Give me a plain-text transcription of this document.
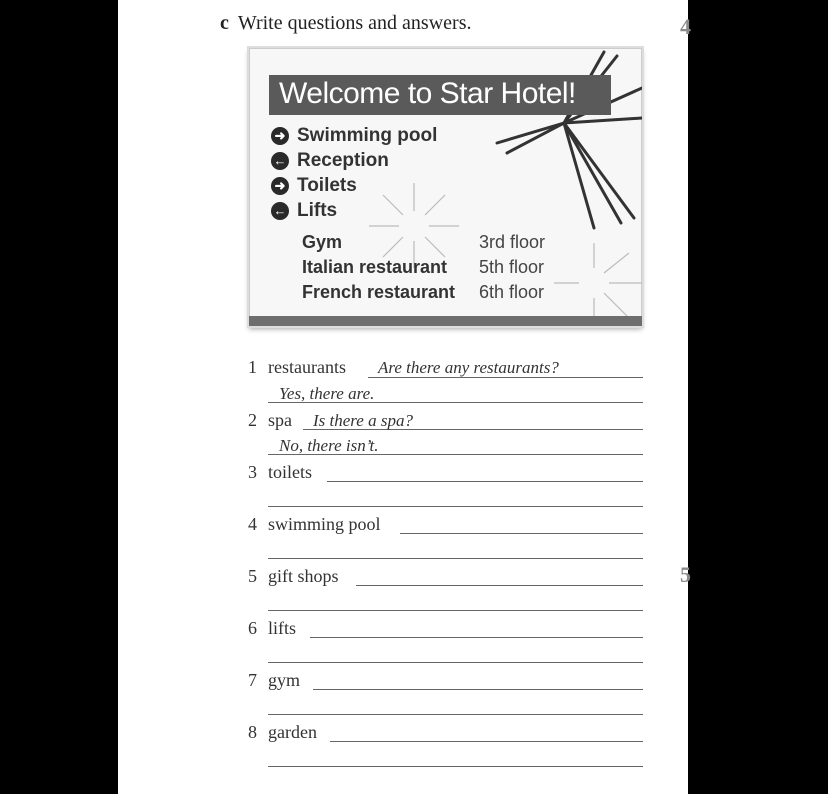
4
5
c Write questions and answers.
Welcome to Star Hotel!
➜ Swimming pool
← Reception
➜ Toilets
← Lifts
Gym	3rd floor
Italian restaurant 5th floor
French restaurant 6th floor
1 restaurants Are there any restaurants?
Yes, there are.
2 spa Is there a spa?
No, there isn’t.
3 toilets
4 swimming pool
5 gift shops
6 lifts
7 gym
8 garden
